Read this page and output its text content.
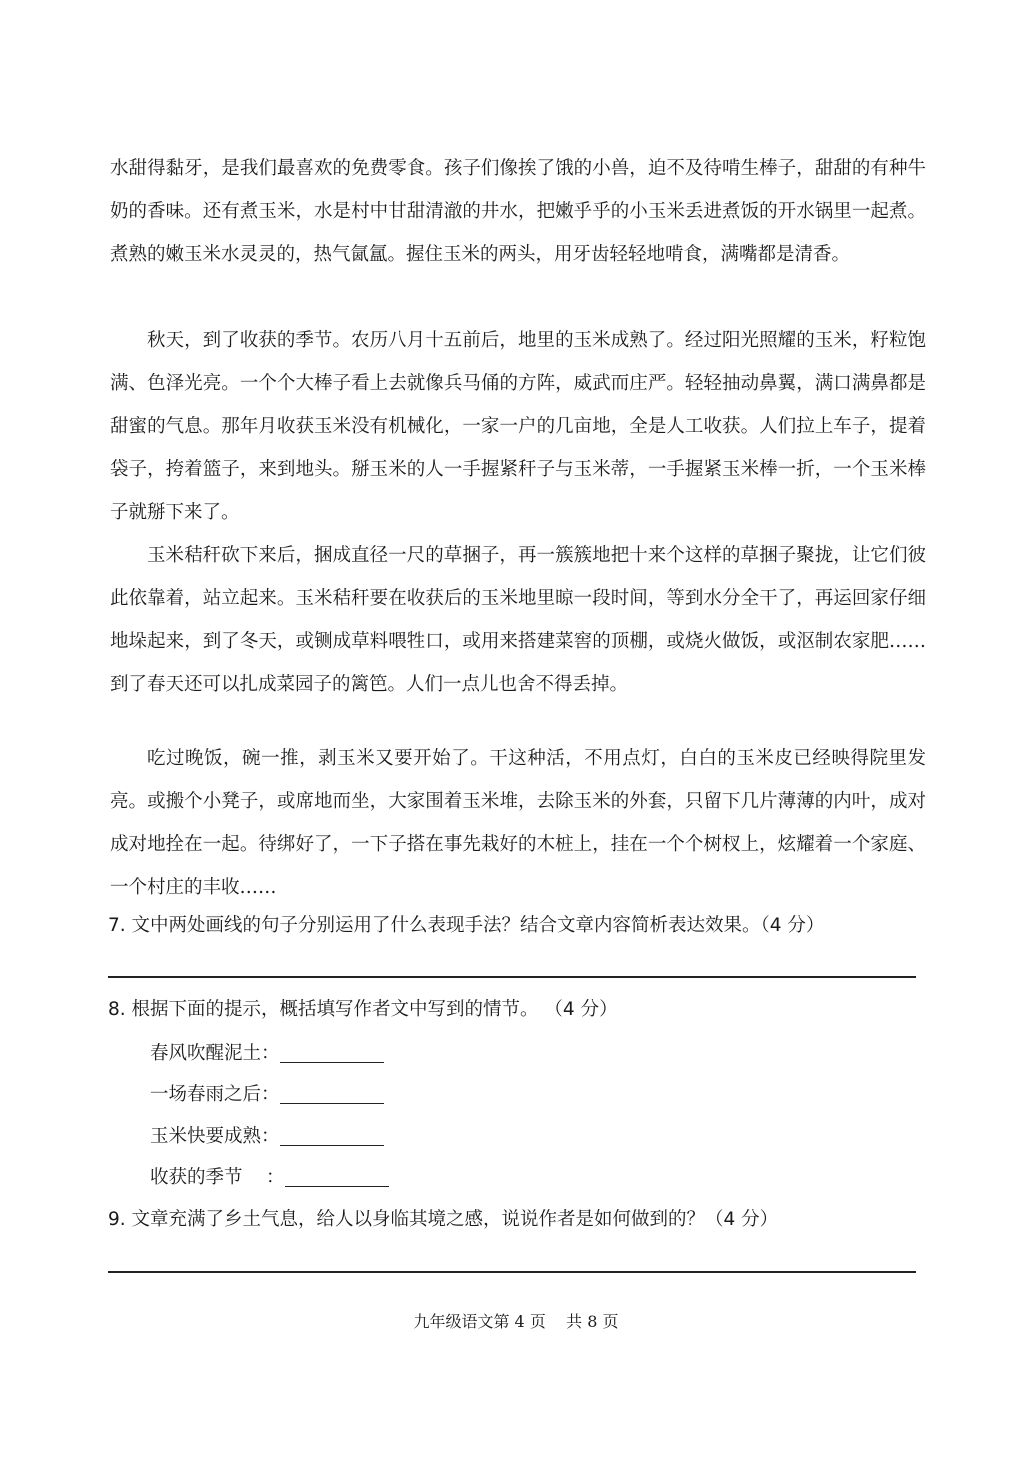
水甜得黏牙，是我们最喜欢的免费零食。孩子们像挨了饿的小兽，迫不及待啃生棒子，甜甜的有种牛奶的香味。还有煮玉米，水是村中甘甜清澈的井水，把嫩乎乎的小玉米丢进煮饭的开水锅里一起煮。煮熟的嫩玉米水灵灵的，热气氤氲。握住玉米的两头，用牙齿轻轻地啃食，满嘴都是清香。

秋天，到了收获的季节。农历八月十五前后，地里的玉米成熟了。经过阳光照耀的玉米，籽粒饱满、色泽光亮。一个个大棒子看上去就像兵马俑的方阵，威武而庄严。轻轻抽动鼻翼，满口满鼻都是甜蜜的气息。那年月收获玉米没有机械化，一家一户的几亩地，全是人工收获。人们拉上车子，提着袋子，挎着篮子，来到地头。掰玉米的人一手握紧秆子与玉米蒂，一手握紧玉米棒一折，一个玉米棒子就掰下来了。

玉米秸秆砍下来后，捆成直径一尺的草捆子，再一簇簇地把十来个这样的草捆子聚拢，让它们彼此依靠着，站立起来。玉米秸秆要在收获后的玉米地里晾一段时间，等到水分全干了，再运回家仔细地垛起来，到了冬天，或铡成草料喂牲口，或用来搭建菜窖的顶棚，或烧火做饭，或沤制农家肥……到了春天还可以扎成菜园子的篱笆。人们一点儿也舍不得丢掉。

吃过晚饭，碗一推，剥玉米又要开始了。干这种活，不用点灯，白白的玉米皮已经映得院里发亮。或搬个小凳子，或席地而坐，大家围着玉米堆，去除玉米的外套，只留下几片薄薄的内叶，成对成对地拴在一起。待绑好了，一下子搭在事先栽好的木桩上，挂在一个个树杈上，炫耀着一个家庭、一个村庄的丰收……

7. 文中两处画线的句子分别运用了什么表现手法？结合文章内容简析表达效果。（4 分）
8. 根据下面的提示，概括填写作者文中写到的情节。 （4 分）
春风吹醒泥土：
一场春雨之后：
玉米快要成熟：
收获的季节    ：
9. 文章充满了乡土气息，给人以身临其境之感，说说作者是如何做到的？（4 分）
九年级语文第 4 页    共 8 页
